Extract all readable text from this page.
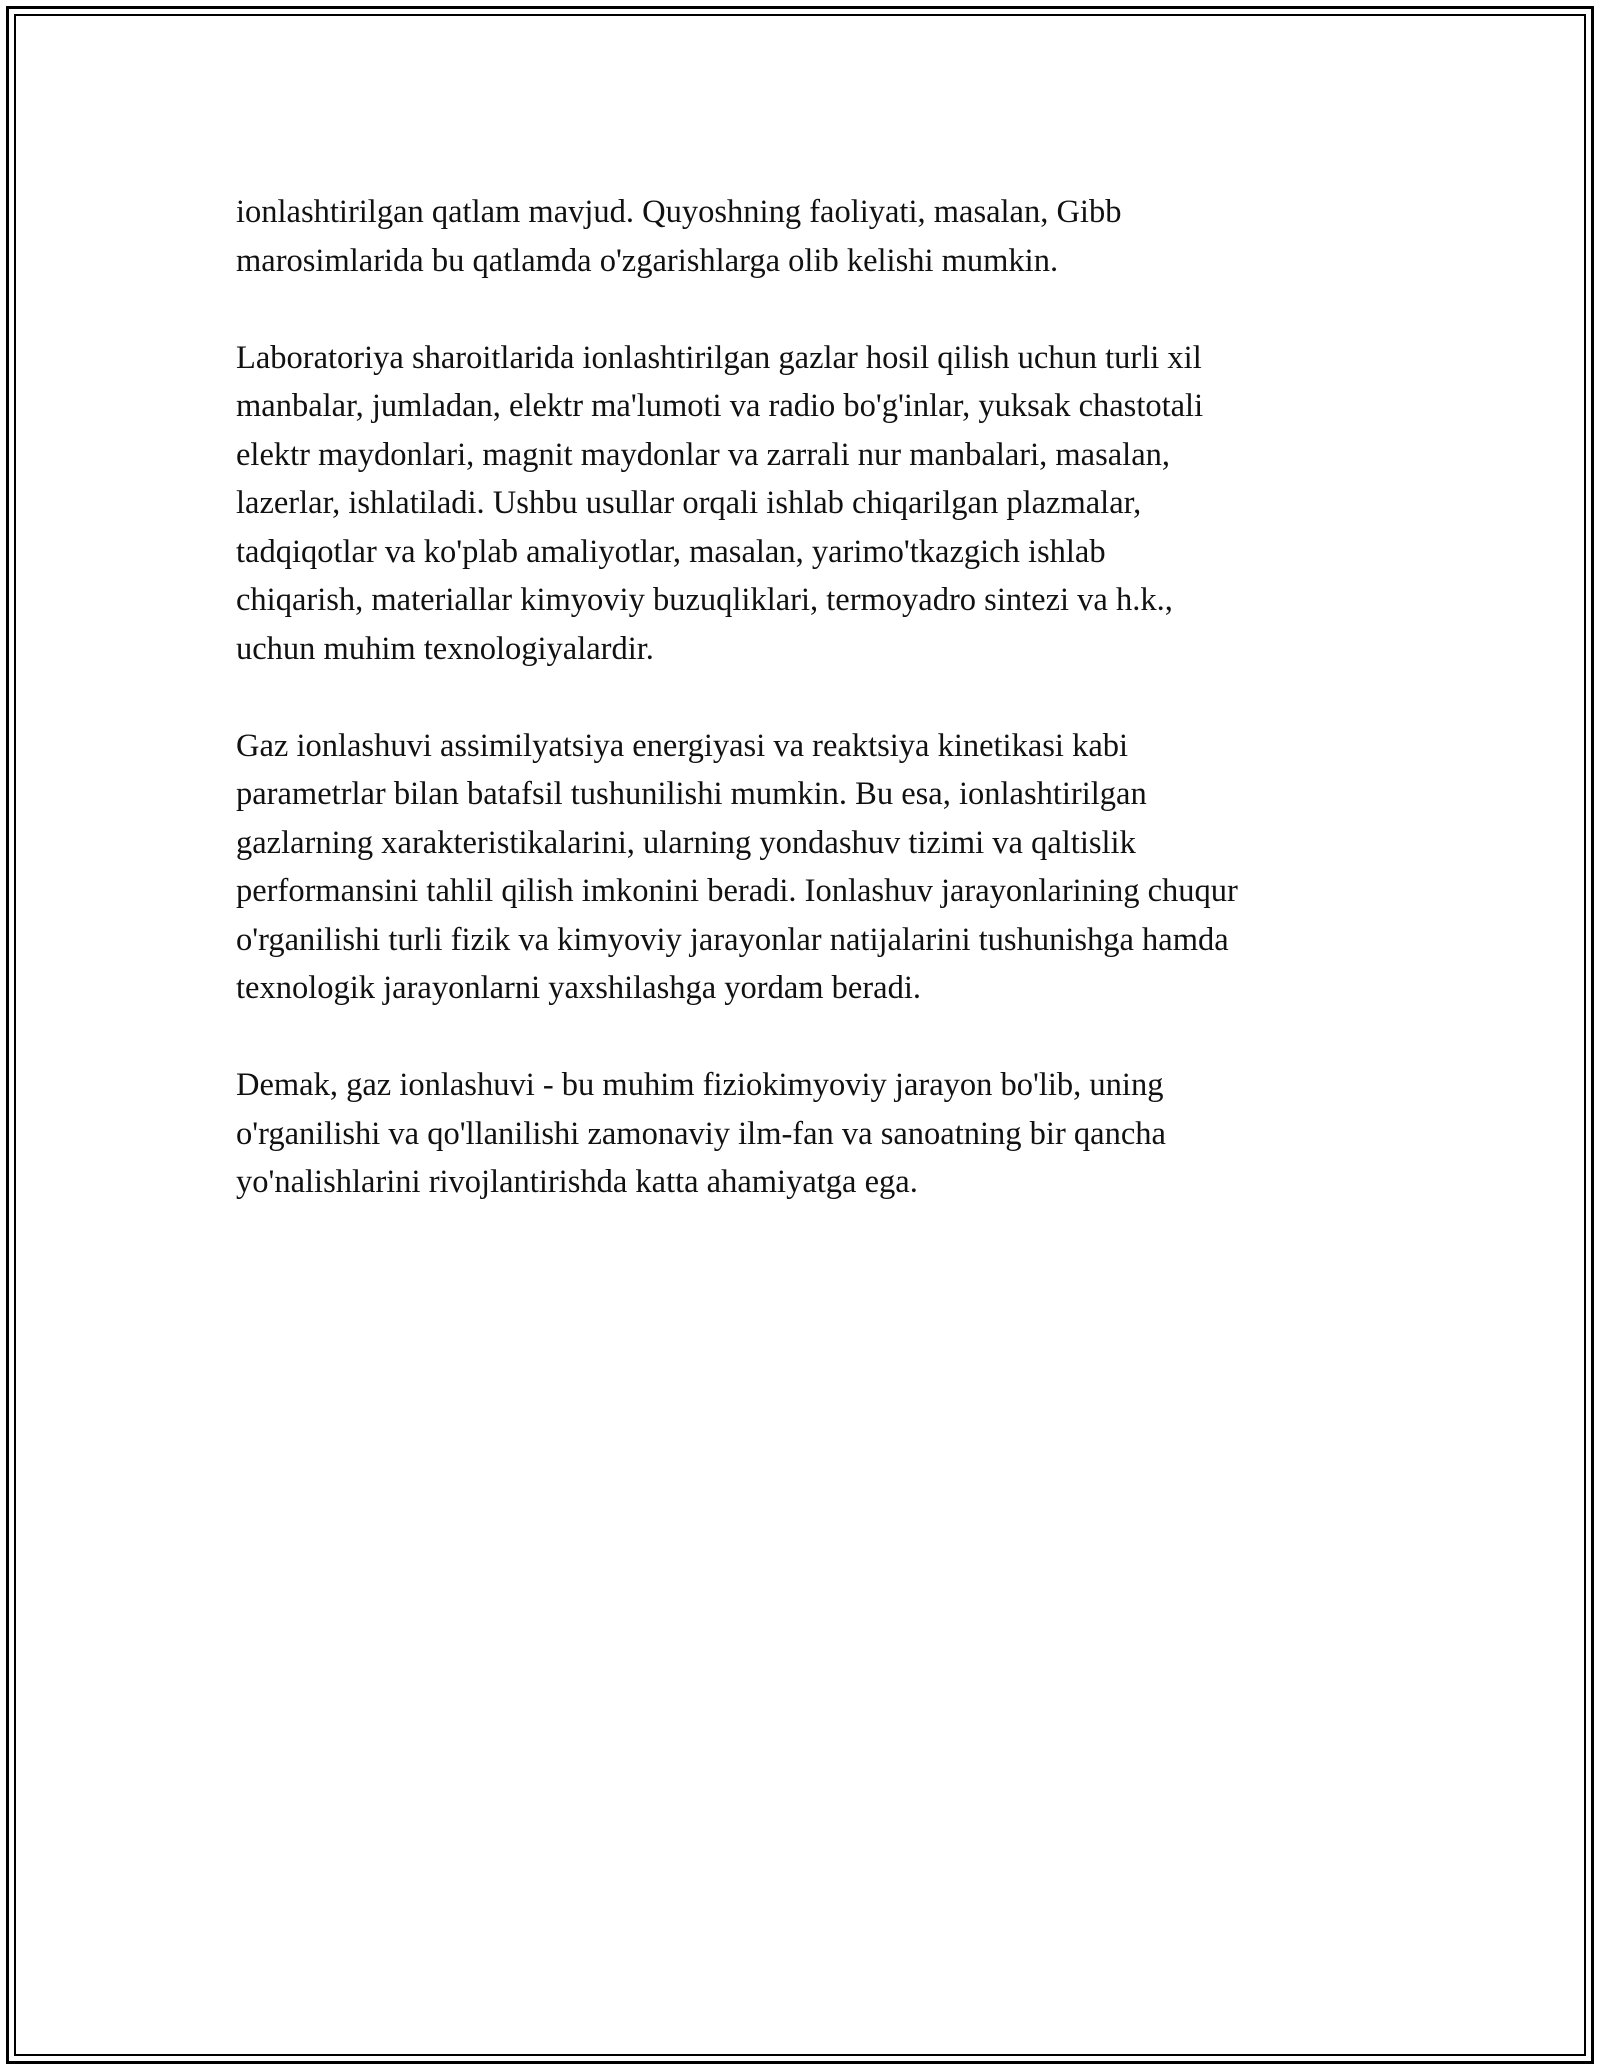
ionlashtirilgan qatlam mavjud. Quyoshning faoliyati, masalan, Gibb
marosimlarida bu qatlamda o'zgarishlarga olib kelishi mumkin.

Laboratoriya sharoitlarida ionlashtirilgan gazlar hosil qilish uchun turli xil
manbalar, jumladan, elektr ma'lumoti va radio bo'g'inlar, yuksak chastotali
elektr maydonlari, magnit maydonlar va zarrali nur manbalari, masalan,
lazerlar, ishlatiladi. Ushbu usullar orqali ishlab chiqarilgan plazmalar,
tadqiqotlar va ko'plab amaliyotlar, masalan, yarimo'tkazgich ishlab
chiqarish, materiallar kimyoviy buzuqliklari, termoyadro sintezi va h.k.,
uchun muhim texnologiyalardir.

Gaz ionlashuvi assimilyatsiya energiyasi va reaktsiya kinetikasi kabi
parametrlar bilan batafsil tushunilishi mumkin. Bu esa, ionlashtirilgan
gazlarning xarakteristikalarini, ularning yondashuv tizimi va qaltislik
performansini tahlil qilish imkonini beradi. Ionlashuv jarayonlarining chuqur
o'rganilishi turli fizik va kimyoviy jarayonlar natijalarini tushunishga hamda
texnologik jarayonlarni yaxshilashga yordam beradi.

Demak, gaz ionlashuvi - bu muhim fiziokimyoviy jarayon bo'lib, uning
o'rganilishi va qo'llanilishi zamonaviy ilm-fan va sanoatning bir qancha
yo'nalishlarini rivojlantirishda katta ahamiyatga ega.
